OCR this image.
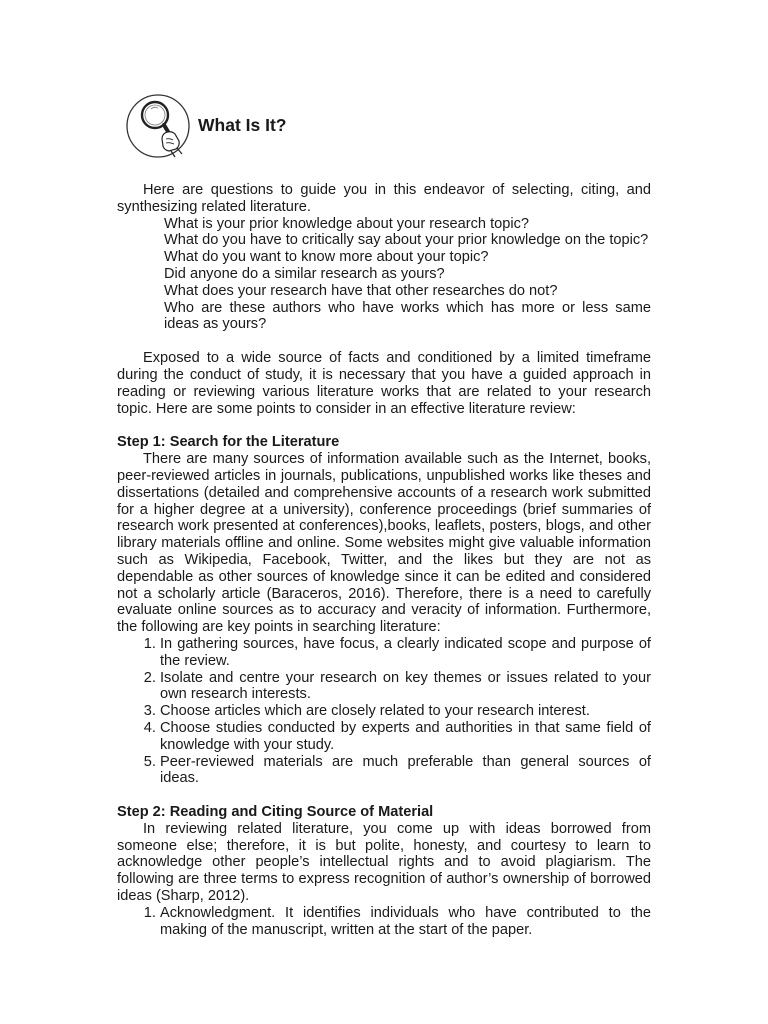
What Is It?

Here are questions to guide you in this endeavor of selecting, citing, and synthesizing related literature.

What is your prior knowledge about your research topic?
What do you have to critically say about your prior knowledge on the topic?
What do you want to know more about your topic?
Did anyone do a similar research as yours?
What does your research have that other researches do not?
Who are these authors who have works which has more or less same ideas as yours?

Exposed to a wide source of facts and conditioned by a limited timeframe during the conduct of study, it is necessary that you have a guided approach in reading or reviewing various literature works that are related to your research topic. Here are some points to consider in an effective literature review:

Step 1: Search for the Literature

There are many sources of information available such as the Internet, books, peer-reviewed articles in journals, publications, unpublished works like theses and dissertations (detailed and comprehensive accounts of a research work submitted for a higher degree at a university), conference proceedings (brief summaries of research work presented at conferences),books, leaflets, posters, blogs, and other library materials offline and online. Some websites might give valuable information such as Wikipedia, Facebook, Twitter, and the likes but they are not as dependable as other sources of knowledge since it can be edited and considered not a scholarly article (Baraceros, 2016). Therefore, there is a need to carefully evaluate online sources as to accuracy and veracity of information. Furthermore, the following are key points in searching literature:

1. In gathering sources, have focus, a clearly indicated scope and purpose of the review.
2. Isolate and centre your research on key themes or issues related to your own research interests.
3. Choose articles which are closely related to your research interest.
4. Choose studies conducted by experts and authorities in that same field of knowledge with your study.
5. Peer-reviewed materials are much preferable than general sources of ideas.

Step 2: Reading and Citing Source of Material

In reviewing related literature, you come up with ideas borrowed from someone else; therefore, it is but polite, honesty, and courtesy to learn to acknowledge other people’s intellectual rights and to avoid plagiarism. The following are three terms to express recognition of author’s ownership of borrowed ideas (Sharp, 2012).

1. Acknowledgment. It identifies individuals who have contributed to the making of the manuscript, written at the start of the paper.
